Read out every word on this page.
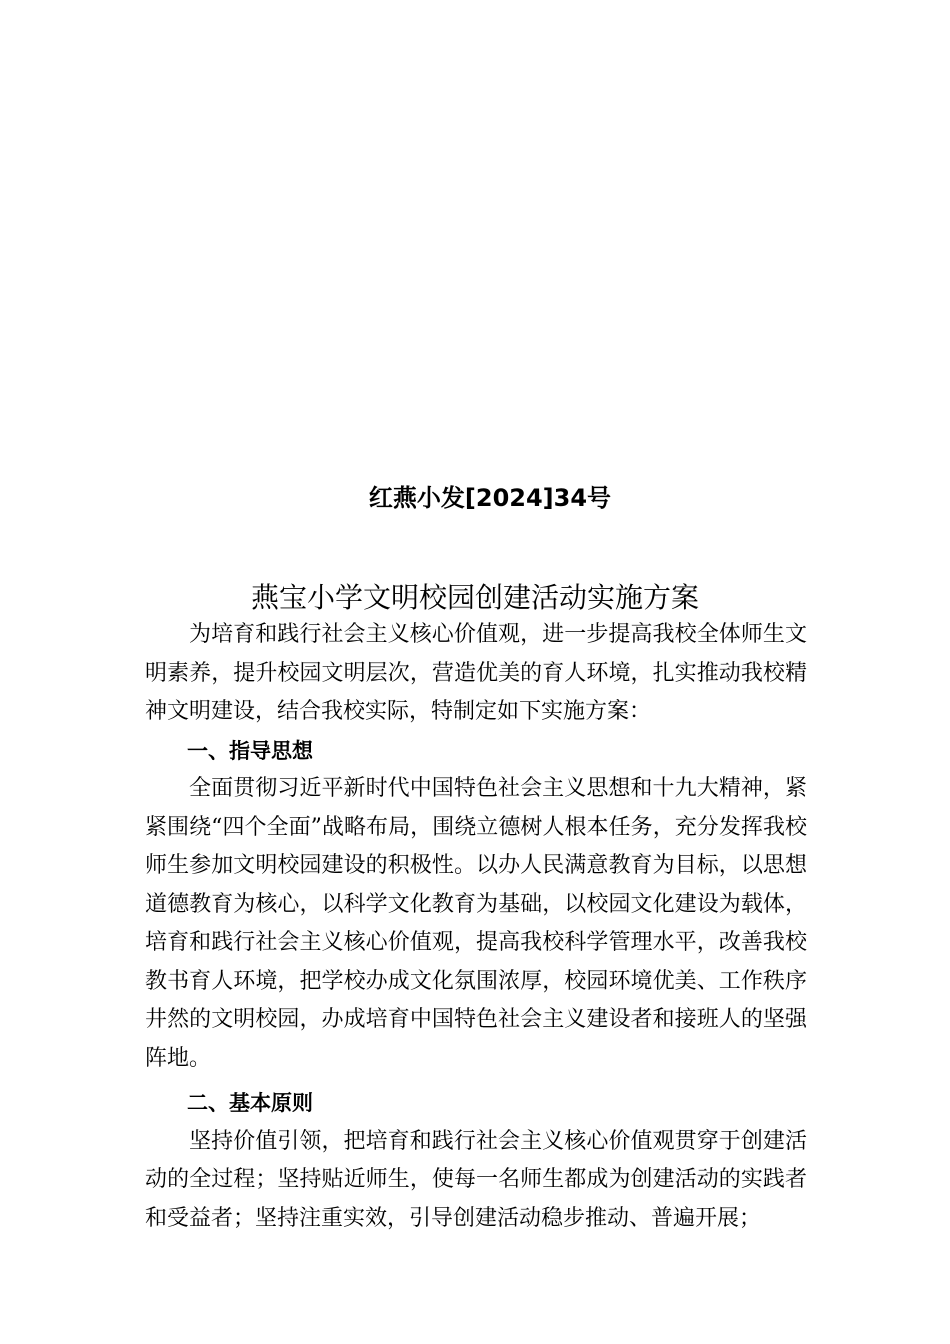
红燕小发[2024]34号
燕宝小学文明校园创建活动实施方案

为培育和践行社会主义核心价值观，进一步提高我校全体师生文明素养，提升校园文明层次，营造优美的育人环境，扎实推动我校精神文明建设，结合我校实际，特制定如下实施方案：

一、指导思想

全面贯彻习近平新时代中国特色社会主义思想和十九大精神，紧紧围绕“四个全面”战略布局，围绕立德树人根本任务，充分发挥我校师生参加文明校园建设的积极性。以办人民满意教育为目标，以思想道德教育为核心，以科学文化教育为基础，以校园文化建设为载体，培育和践行社会主义核心价值观，提高我校科学管理水平，改善我校教书育人环境，把学校办成文化氛围浓厚，校园环境优美、工作秩序井然的文明校园，办成培育中国特色社会主义建设者和接班人的坚强阵地。

二、基本原则

坚持价值引领，把培育和践行社会主义核心价值观贯穿于创建活动的全过程；坚持贴近师生，使每一名师生都成为创建活动的实践者和受益者；坚持注重实效，引导创建活动稳步推动、普遍开展；
